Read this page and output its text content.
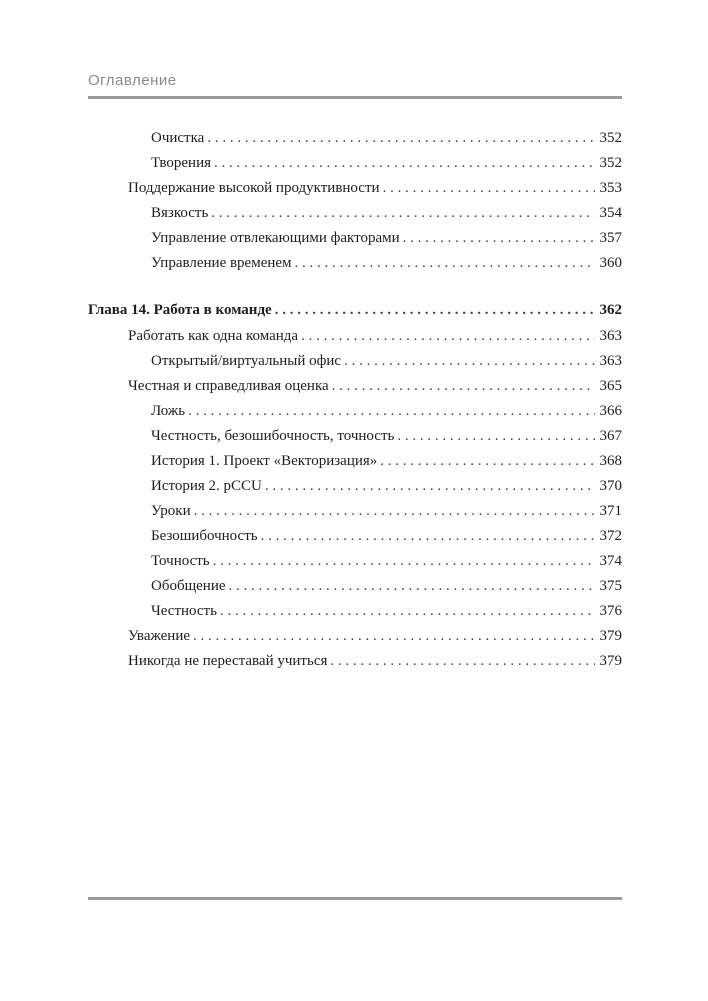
Оглавление
Очистка . . .	352
Творения . . .	352
Поддержание высокой продуктивности . . .	353
Вязкость . . .	354
Управление отвлекающими факторами . . .	357
Управление временем . . .	360
Глава 14. Работа в команде . . .	362
Работать как одна команда . . .	363
Открытый/виртуальный офис . . .	363
Честная и справедливая оценка . . .	365
Ложь . . .	366
Честность, безошибочность, точность . . .	367
История 1. Проект «Векторизация» . . .	368
История 2. pCCU . . .	370
Уроки . . .	371
Безошибочность . . .	372
Точность . . .	374
Обобщение . . .	375
Честность . . .	376
Уважение . . .	379
Никогда не переставай учиться . . .	379
